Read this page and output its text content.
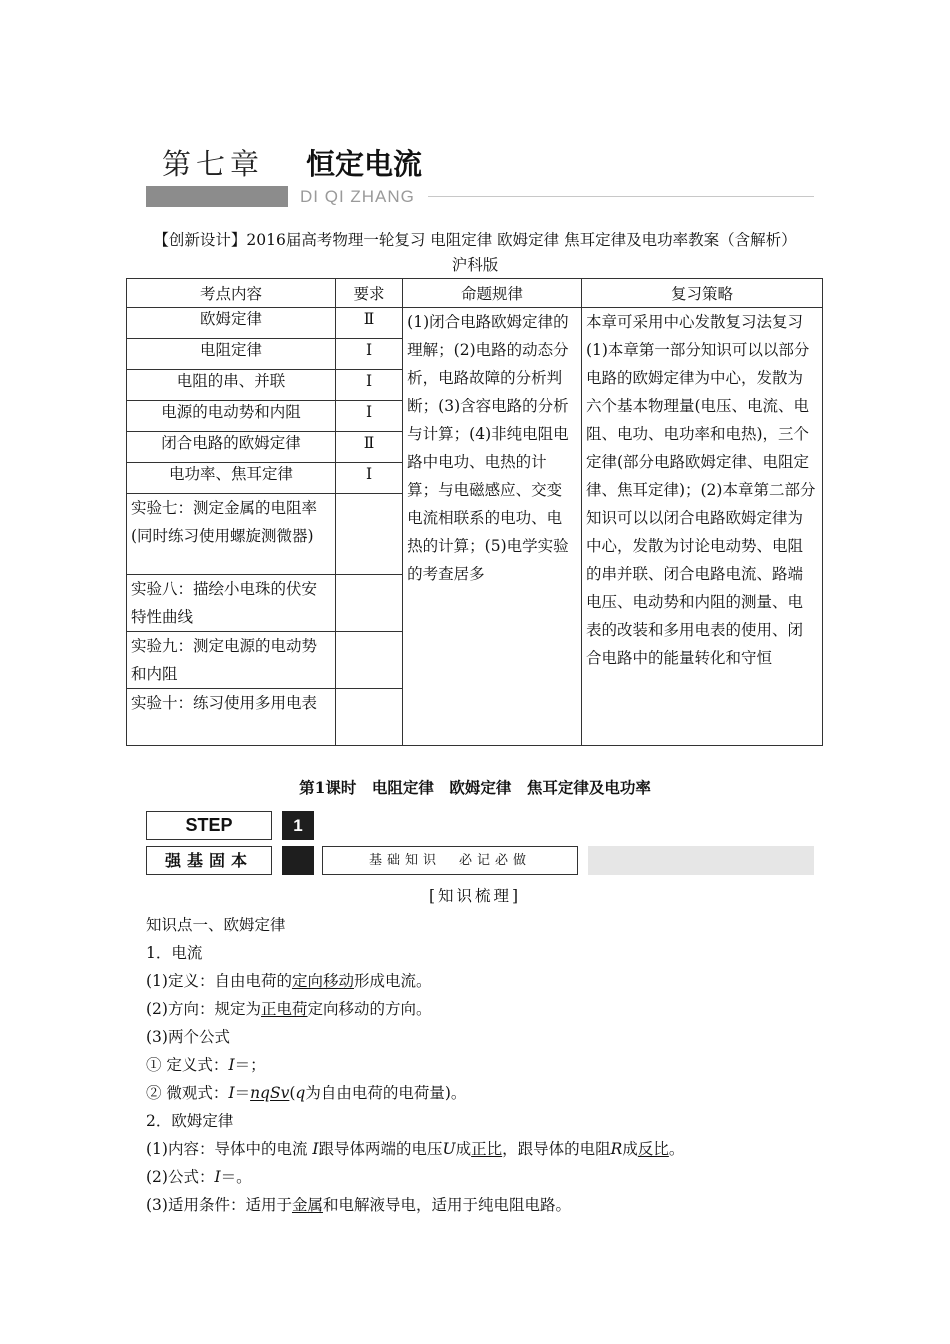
第七章 恒定电流
DI QI ZHANG
【创新设计】2016届高考物理一轮复习 电阻定律 欧姆定律 焦耳定律及电功率教案（含解析）沪科版
考点内容	要求	命题规律	复习策略
欧姆定律	Ⅱ	(1)闭合电路欧姆定律的理解；(2)电路的动态分析，电路故障的分析判断；(3)含容电路的分析与计算；(4)非纯电阻电路中电功、电热的计算；与电磁感应、交变电流相联系的电功、电热的计算；(5)电学实验的考查居多	本章可采用中心发散复习法复习(1)本章第一部分知识可以以部分电路的欧姆定律为中心，发散为六个基本物理量(电压、电流、电阻、电功、电功率和电热)，三个定律(部分电路欧姆定律、电阻定律、焦耳定律)；(2)本章第二部分知识可以以闭合电路欧姆定律为中心，发散为讨论电动势、电阻的串并联、闭合电路电流、路端电压、电动势和内阻的测量、电表的改装和多用电表的使用、闭合电路中的能量转化和守恒
电阻定律	Ⅰ		
电阻的串、并联	Ⅰ		
电源的电动势和内阻	Ⅰ		
闭合电路的欧姆定律	Ⅱ		
电功率、焦耳定律	Ⅰ		
实验七：测定金属的电阻率(同时练习使用螺旋测微器)			
实验八：描绘小电珠的伏安特性曲线			
实验九：测定电源的电动势和内阻			
实验十：练习使用多用电表			
第1课时　电阻定律　欧姆定律　焦耳定律及电功率
STEP	1
强基固本	基础知识　必记必做
[知识梳理]
知识点一、欧姆定律
1．电流
(1)定义：自由电荷的定向移动形成电流。
(2)方向：规定为正电荷定向移动的方向。
(3)两个公式
① 定义式：I＝；
② 微观式：I＝nqSv(q为自由电荷的电荷量)。
2．欧姆定律
(1)内容：导体中的电流 I跟导体两端的电压U成正比，跟导体的电阻R成反比。
(2)公式：I＝。
(3)适用条件：适用于金属和电解液导电，适用于纯电阻电路。
